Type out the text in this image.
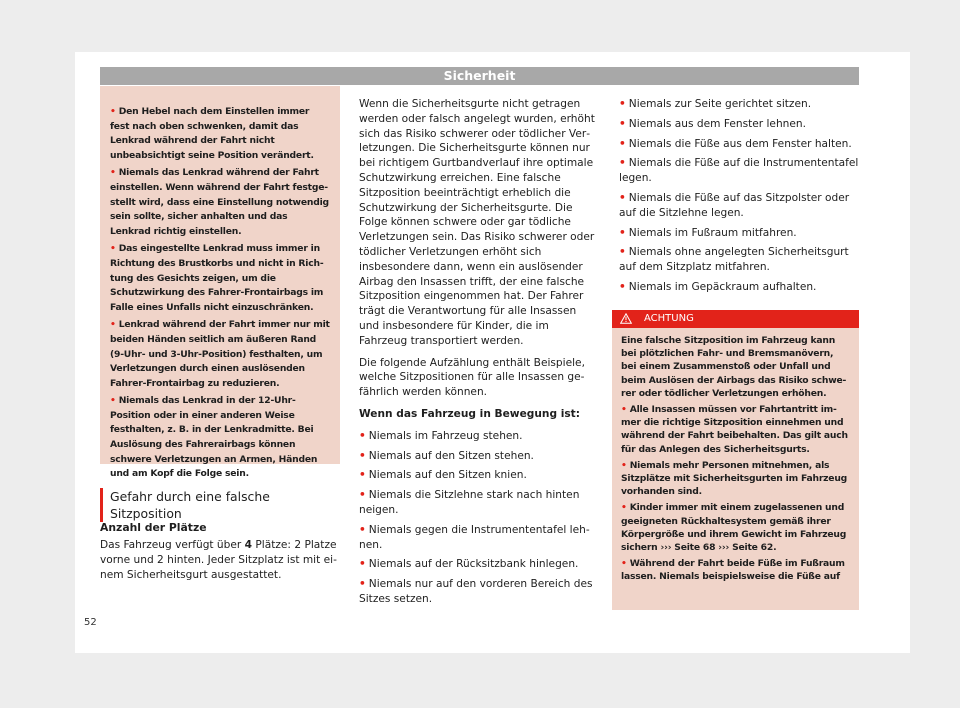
Sicherheit

• Den Hebel nach dem Einstellen immer fest nach oben schwenken, damit das Lenkrad während der Fahrt nicht unbeabsichtigt seine Position verändert.

• Niemals das Lenkrad während der Fahrt einstellen. Wenn während der Fahrt festgestellt wird, dass eine Einstellung notwendig sein sollte, sicher anhalten und das Lenkrad richtig einstellen.

• Das eingestellte Lenkrad muss immer in Richtung des Brustkorbs und nicht in Richtung des Gesichts zeigen, um die Schutzwirkung des Fahrer-Frontairbags im Falle eines Unfalls nicht einzuschränken.

• Lenkrad während der Fahrt immer nur mit beiden Händen seitlich am äußeren Rand (9-Uhr- und 3-Uhr-Position) festhalten, um Verletzungen durch einen auslösenden Fahrer-Frontairbag zu reduzieren.

• Niemals das Lenkrad in der 12-Uhr-Position oder in einer anderen Weise festhalten, z. B. in der Lenkradmitte. Bei Auslösung des Fahrerairbags können schwere Verletzungen an Armen, Händen und am Kopf die Folge sein.

Gefahr durch eine falsche Sitzposition
Anzahl der Plätze

Das Fahrzeug verfügt über 4 Plätze: 2 Platze vorne und 2 hinten. Jeder Sitzplatz ist mit einem Sicherheitsgurt ausgestattet.

Wenn die Sicherheitsgurte nicht getragen werden oder falsch angelegt wurden, erhöht sich das Risiko schwerer oder tödlicher Verletzungen. Die Sicherheitsgurte können nur bei richtigem Gurtbandverlauf ihre optimale Schutzwirkung erreichen. Eine falsche Sitzposition beeinträchtigt erheblich die Schutzwirkung der Sicherheitsgurte. Die Folge können schwere oder gar tödliche Verletzungen sein. Das Risiko schwerer oder tödlicher Verletzungen erhöht sich insbesondere dann, wenn ein auslösender Airbag den Insassen trifft, der eine falsche Sitzposition eingenommen hat. Der Fahrer trägt die Verantwortung für alle Insassen und insbesondere für Kinder, die im Fahrzeug transportiert werden.

Die folgende Aufzählung enthält Beispiele, welche Sitzpositionen für alle Insassen gefährlich werden können.

Wenn das Fahrzeug in Bewegung ist:

• Niemals im Fahrzeug stehen.
• Niemals auf den Sitzen stehen.
• Niemals auf den Sitzen knien.
• Niemals die Sitzlehne stark nach hinten neigen.
• Niemals gegen die Instrumententafel lehnen.
• Niemals auf der Rücksitzbank hinlegen.
• Niemals nur auf den vorderen Bereich des Sitzes setzen.
• Niemals zur Seite gerichtet sitzen.
• Niemals aus dem Fenster lehnen.
• Niemals die Füße aus dem Fenster halten.
• Niemals die Füße auf die Instrumententafel legen.
• Niemals die Füße auf das Sitzpolster oder auf die Sitzlehne legen.
• Niemals im Fußraum mitfahren.
• Niemals ohne angelegten Sicherheitsgurt auf dem Sitzplatz mitfahren.
• Niemals im Gepäckraum aufhalten.
ACHTUNG

Eine falsche Sitzposition im Fahrzeug kann bei plötzlichen Fahr- und Bremsmanövern, bei einem Zusammenstoß oder Unfall und beim Auslösen der Airbags das Risiko schwerer oder tödlicher Verletzungen erhöhen.

• Alle Insassen müssen vor Fahrtantritt immer die richtige Sitzposition einnehmen und während der Fahrt beibehalten. Das gilt auch für das Anlegen des Sicherheitsgurts.

• Niemals mehr Personen mitnehmen, als Sitzplätze mit Sicherheitsgurten im Fahrzeug vorhanden sind.

• Kinder immer mit einem zugelassenen und geeigneten Rückhaltesystem gemäß ihrer Körpergröße und ihrem Gewicht im Fahrzeug sichern ››› Seite 68 ››› Seite 62.

• Während der Fahrt beide Füße im Fußraum lassen. Niemals beispielsweise die Füße auf

52
